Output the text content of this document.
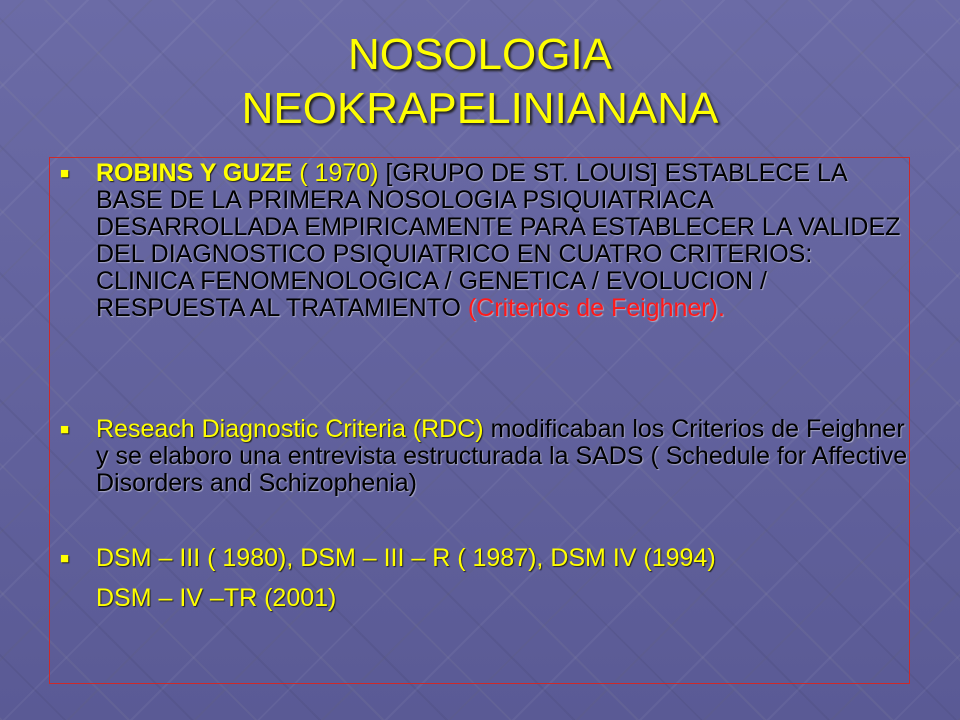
NOSOLOGIA
NEOKRAPELINIANANA
■ ROBINS Y GUZE ( 1970) [GRUPO DE ST. LOUIS] ESTABLECE LA BASE DE LA PRIMERA NOSOLOGIA PSIQUIATRIACA DESARROLLADA EMPIRICAMENTE PARA ESTABLECER LA VALIDEZ DEL DIAGNOSTICO PSIQUIATRICO EN CUATRO CRITERIOS: CLINICA FENOMENOLOGICA / GENETICA / EVOLUCION / RESPUESTA AL TRATAMIENTO (Criterios de Feighner).
■ Reseach Diagnostic Criteria (RDC) modificaban los Criterios de Feighner y se elaboro una entrevista estructurada la SADS ( Schedule for Affective Disorders and Schizophenia)
■ DSM – III ( 1980), DSM – III – R ( 1987), DSM IV (1994)
DSM – IV –TR (2001)
